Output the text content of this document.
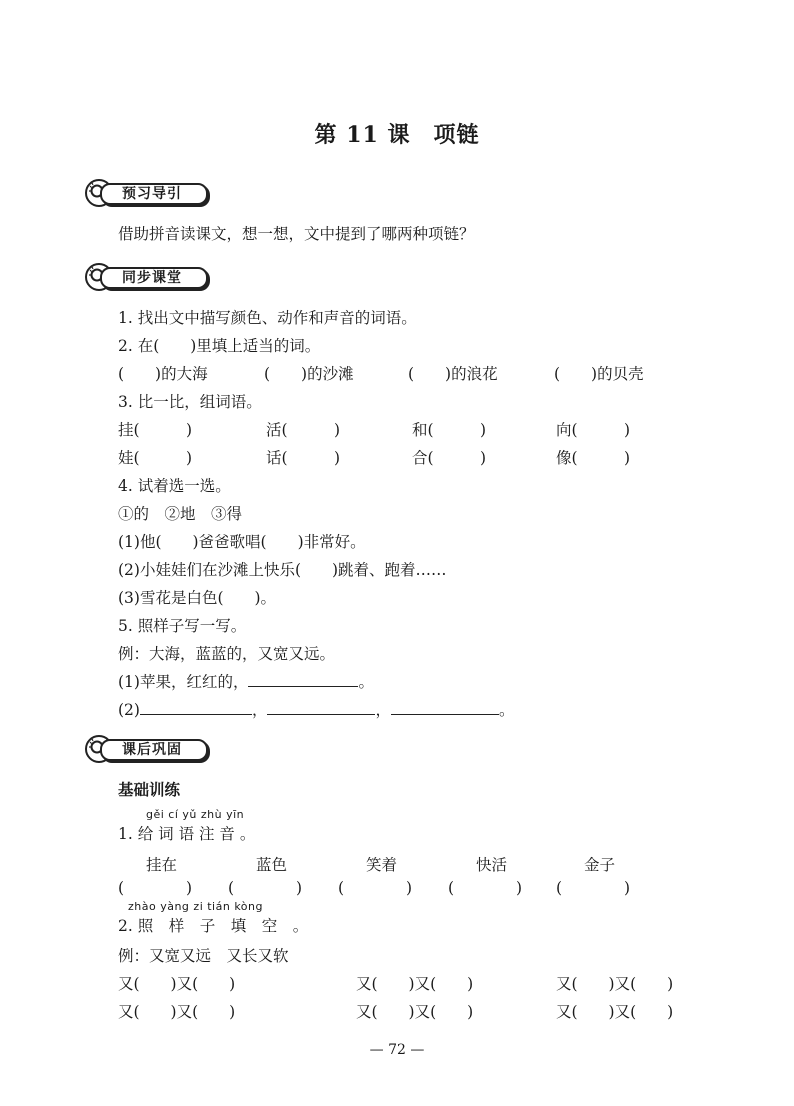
第 11 课　项链
预习导引
借助拼音读课文，想一想，文中提到了哪两种项链？
同步课堂
1. 找出文中描写颜色、动作和声音的词语。
2. 在(　　)里填上适当的词。
(　　)的大海	(　　)的沙滩	(　　)的浪花	(　　)的贝壳
3. 比一比，组词语。
挂(　　　)	活(　　　)	和(　　　)	向(　　　)
娃(　　　)	话(　　　)	合(　　　)	像(　　　)
4. 试着选一选。
①的　②地　③得
(1)他(　　)爸爸歌唱(　　)非常好。
(2)小娃娃们在沙滩上快乐(　　)跳着、跑着……
(3)雪花是白色(　　)。
5. 照样子写一写。
例：大海，蓝蓝的，又宽又远。
(1)苹果，红红的，	。
(2)	，	，	。
课后巩固
基础训练
gěi cí yǔ zhù yīn
1. 给 词 语 注 音 。
挂在	蓝色	笑着	快活	金子
(　　　　) (　　　　) (　　　　) (　　　　) (　　　　)
zhào yàng zi tián kòng
2. 照　样　子　填　空　。
例：又宽又远　又长又软
又(　　)又(　　)	又(　　)又(　　)	又(　　)又(　　)
又(　　)又(　　)	又(　　)又(　　)	又(　　)又(　　)
— 72 —
